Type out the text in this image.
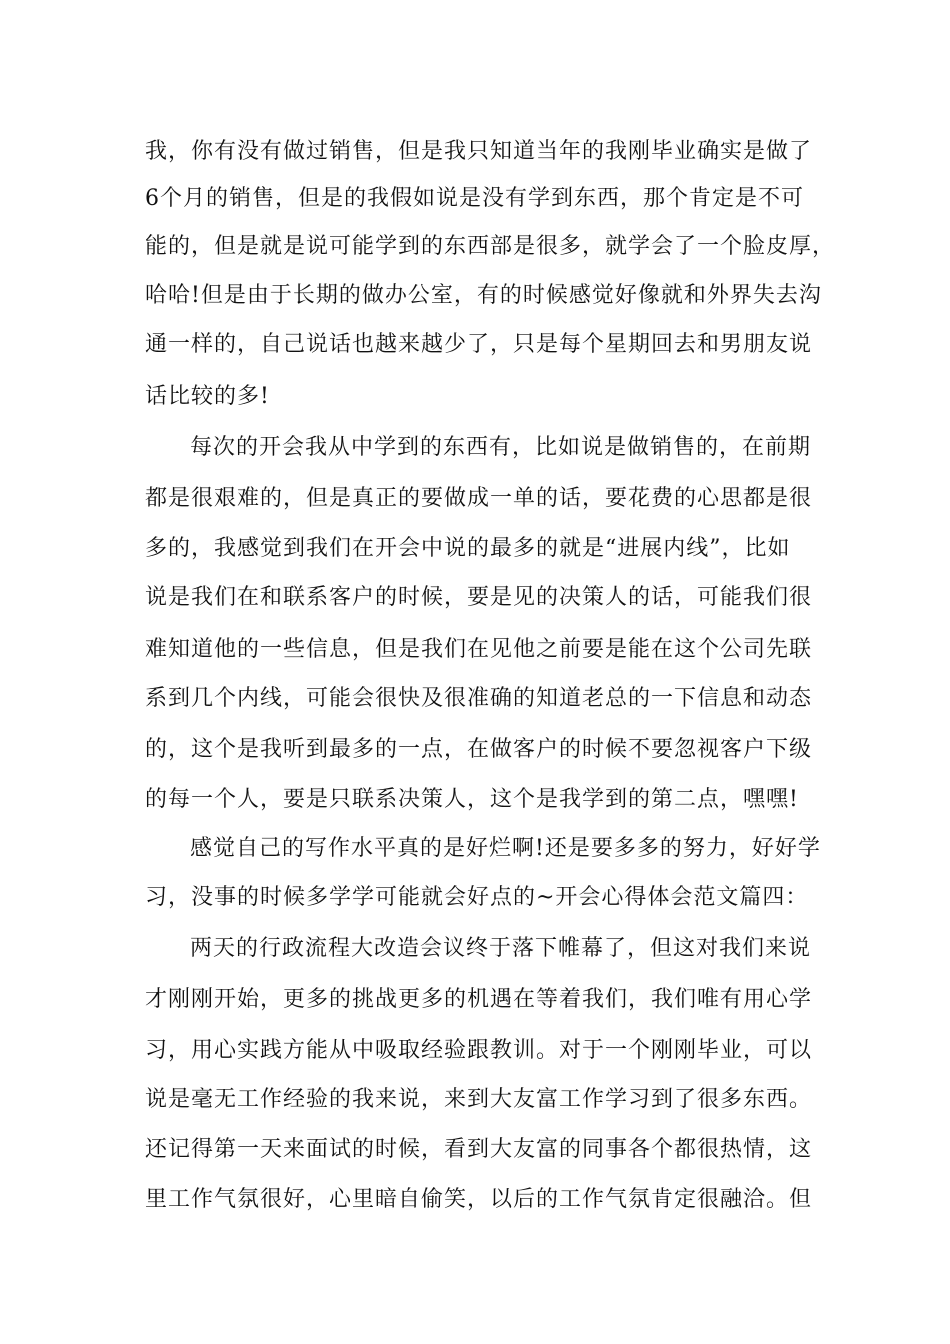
我，你有没有做过销售，但是我只知道当年的我刚毕业确实是做了
6个月的销售，但是的我假如说是没有学到东西，那个肯定是不可
能的，但是就是说可能学到的东西部是很多，就学会了一个脸皮厚，
哈哈!但是由于长期的做办公室，有的时候感觉好像就和外界失去沟
通一样的，自己说话也越来越少了，只是每个星期回去和男朋友说
话比较的多!
每次的开会我从中学到的东西有，比如说是做销售的，在前期
都是很艰难的，但是真正的要做成一单的话，要花费的心思都是很
多的，我感觉到我们在开会中说的最多的就是“进展内线”，比如
说是我们在和联系客户的时候，要是见的决策人的话，可能我们很
难知道他的一些信息，但是我们在见他之前要是能在这个公司先联
系到几个内线，可能会很快及很准确的知道老总的一下信息和动态
的，这个是我听到最多的一点，在做客户的时候不要忽视客户下级
的每一个人，要是只联系决策人，这个是我学到的第二点，嘿嘿!
感觉自己的写作水平真的是好烂啊!还是要多多的努力，好好学
习，没事的时候多学学可能就会好点的~开会心得体会范文篇四：
两天的行政流程大改造会议终于落下帷幕了，但这对我们来说
才刚刚开始，更多的挑战更多的机遇在等着我们，我们唯有用心学
习，用心实践方能从中吸取经验跟教训。对于一个刚刚毕业，可以
说是毫无工作经验的我来说，来到大友富工作学习到了很多东西。
还记得第一天来面试的时候，看到大友富的同事各个都很热情，这
里工作气氛很好，心里暗自偷笑，以后的工作气氛肯定很融洽。但
